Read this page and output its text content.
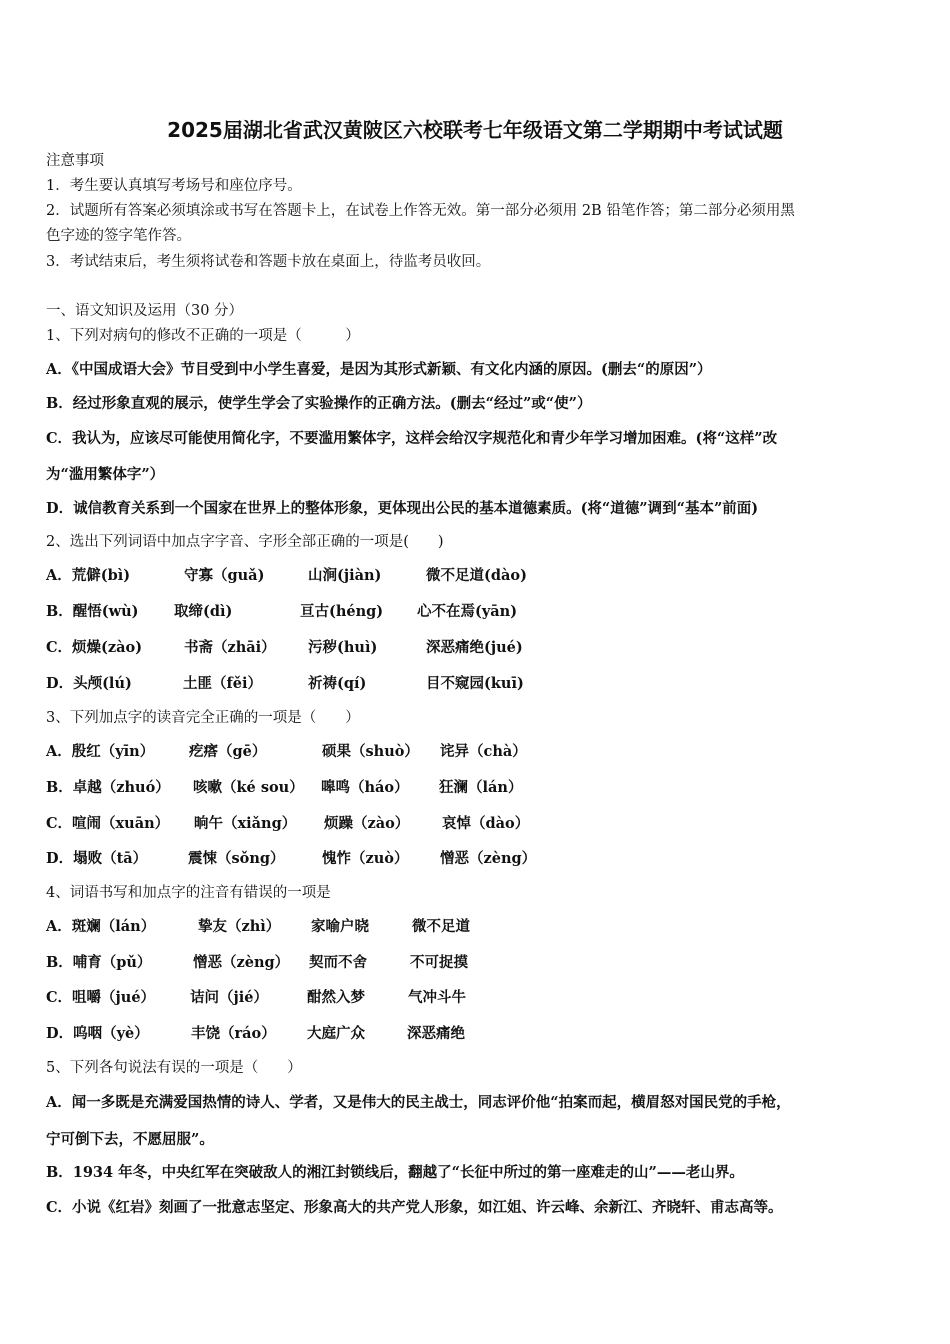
2025届湖北省武汉黄陂区六校联考七年级语文第二学期期中考试试题
注意事项
1．考生要认真填写考场号和座位序号。
2．试题所有答案必须填涂或书写在答题卡上，在试卷上作答无效。第一部分必须用 2B 铅笔作答；第二部分必须用黑
色字迹的签字笔作答。
3．考试结束后，考生须将试卷和答题卡放在桌面上，待监考员收回。
一、语文知识及运用（30 分）
1、下列对病句的修改不正确的一项是（　　　）
A．《中国成语大会》节目受到中小学生喜爱，是因为其形式新颖、有文化内涵的原因。(删去“的原因”）
B．经过形象直观的展示，使学生学会了实验操作的正确方法。(删去“经过”或“使”）
C．我认为，应该尽可能使用简化字，不要滥用繁体字，这样会给汉字规范化和青少年学习增加困难。(将“这样”改
为“滥用繁体字”）
D．诚信教育关系到一个国家在世界上的整体形象，更体现出公民的基本道德素质。(将“道德”调到“基本”前面)
2、选出下列词语中加点字字音、字形全部正确的一项是(　　)
A．荒僻(bì)	守寡（guǎ)	山涧(jiàn)	微不足道(dào)
B．醒悟(wù) 取缔(dì)	亘古(héng) 心不在焉(yān)
C．烦燥(zào)	书斋（zhāi） 污秽(huì)	深恶痛绝(jué)
D．头颅(lú)	土匪（fěi）	祈祷(qí)	目不窥园(kuī)
3、下列加点字的读音完全正确的一项是（　　）
A．殷红（yīn） 疙瘩（gē）	硕果（shuò） 诧异（chà）
B．卓越（zhuó） 咳嗽（ké sou） 嗥鸣（háo） 狂澜（lán）
C．喧闹（xuān） 晌午（xiǎng） 烦躁（zào） 哀悼（dào）
D．塌败（tā）	震悚（sǒng）	愧怍（zuò） 憎恶（zèng）
4、词语书写和加点字的注音有错误的一项是
A．斑斓（lán）	挚友（zhì） 家喻户晓	微不足道
B．哺育（pǔ）	憎恶（zèng） 契而不舍	不可捉摸
C．咀嚼（jué） 诘问（jié）	酣然入梦	气冲斗牛
D．呜咽（yè）	丰饶（ráo） 大庭广众	深恶痛绝
5、下列各句说法有误的一项是（　　）
A．闻一多既是充满爱国热情的诗人、学者，又是伟大的民主战士，同志评价他“拍案而起，横眉怒对国民党的手枪，
宁可倒下去，不愿屈服”。
B．1934 年冬，中央红军在突破敌人的湘江封锁线后，翻越了“长征中所过的第一座难走的山”——老山界。
C．小说《红岩》刻画了一批意志坚定、形象高大的共产党人形象，如江姐、许云峰、余新江、齐晓轩、甫志高等。
